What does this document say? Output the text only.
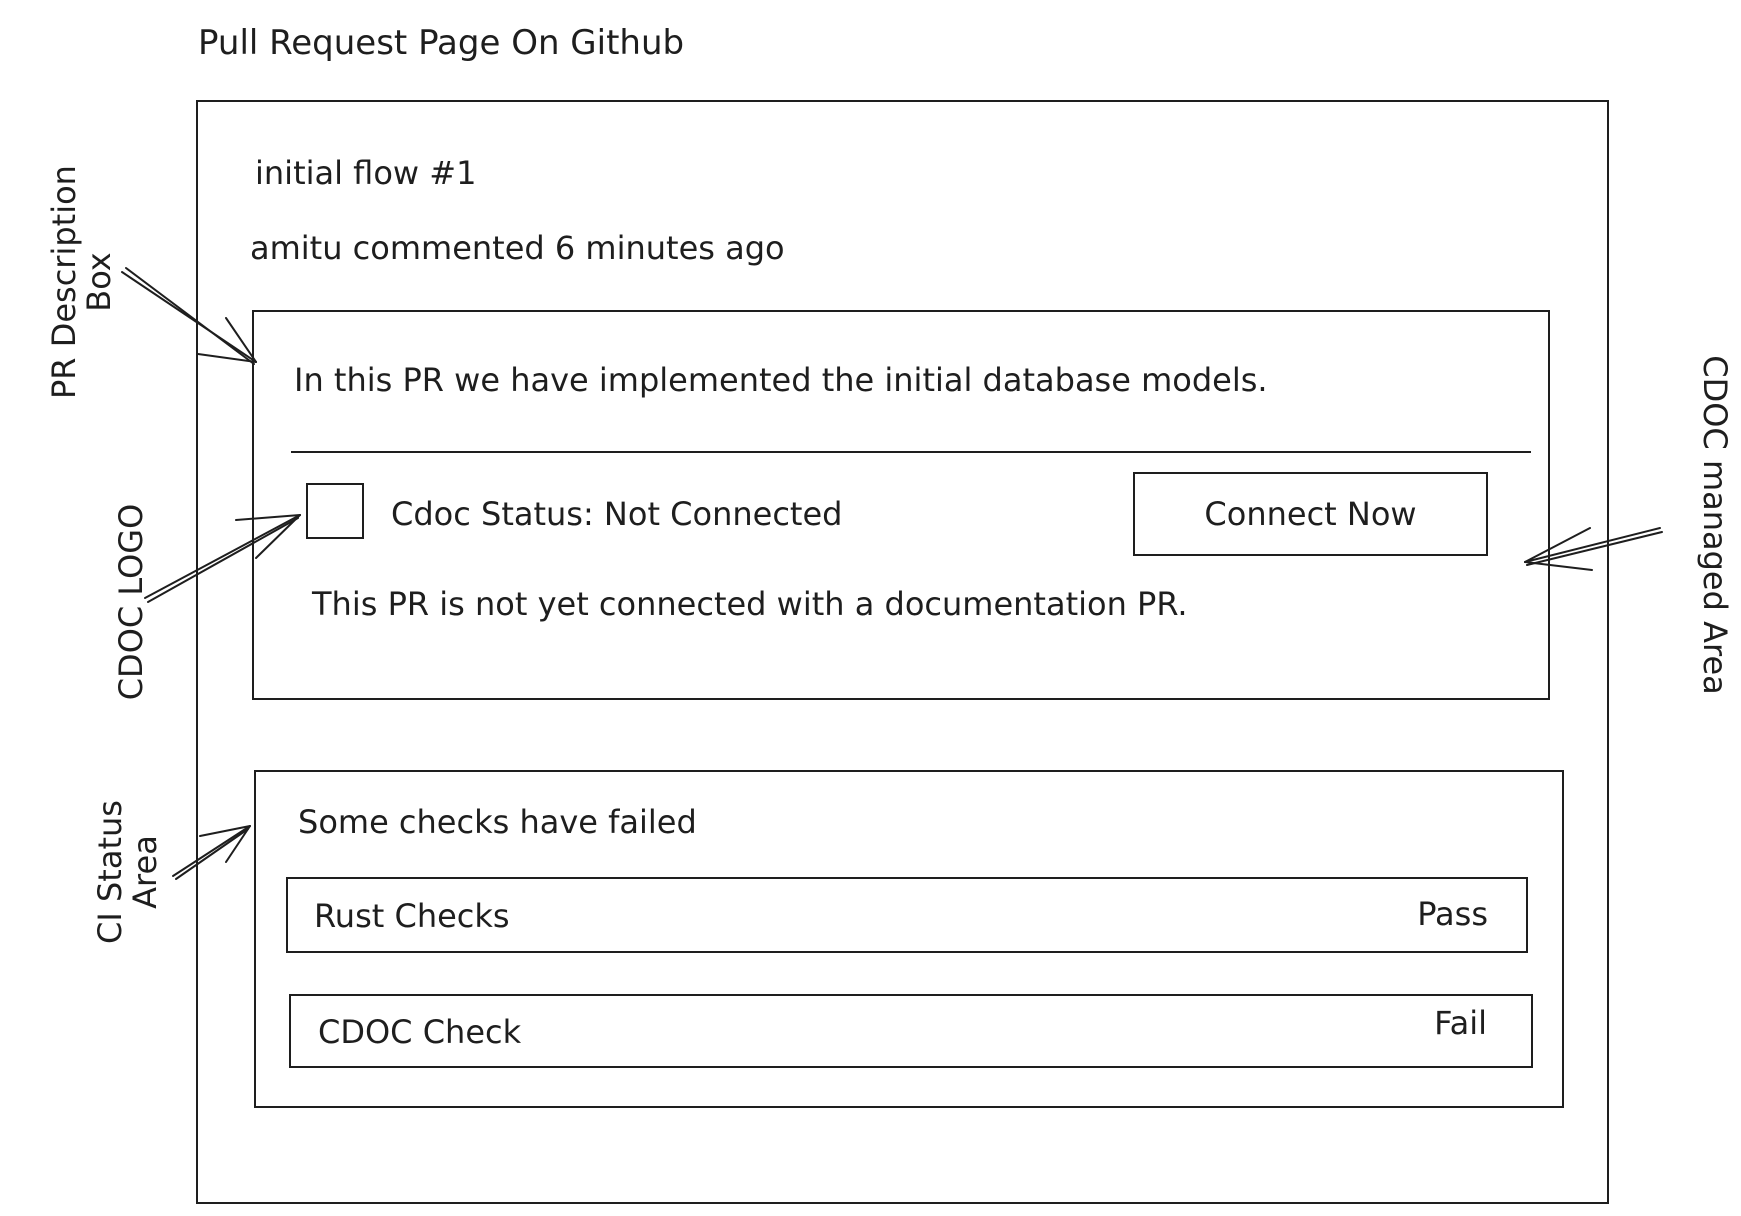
Pull Request Page On Github
initial flow #1
amitu commented 6 minutes ago
In this PR we have implemented the initial database models.
Cdoc Status: Not Connected	Connect Now
This PR is not yet connected with a documentation PR.
Some checks have failed
Rust Checks	Pass
CDOC Check	Fail
PR Description
Box
CDOC LOGO
CI Status
Area
CDOC managed Area
